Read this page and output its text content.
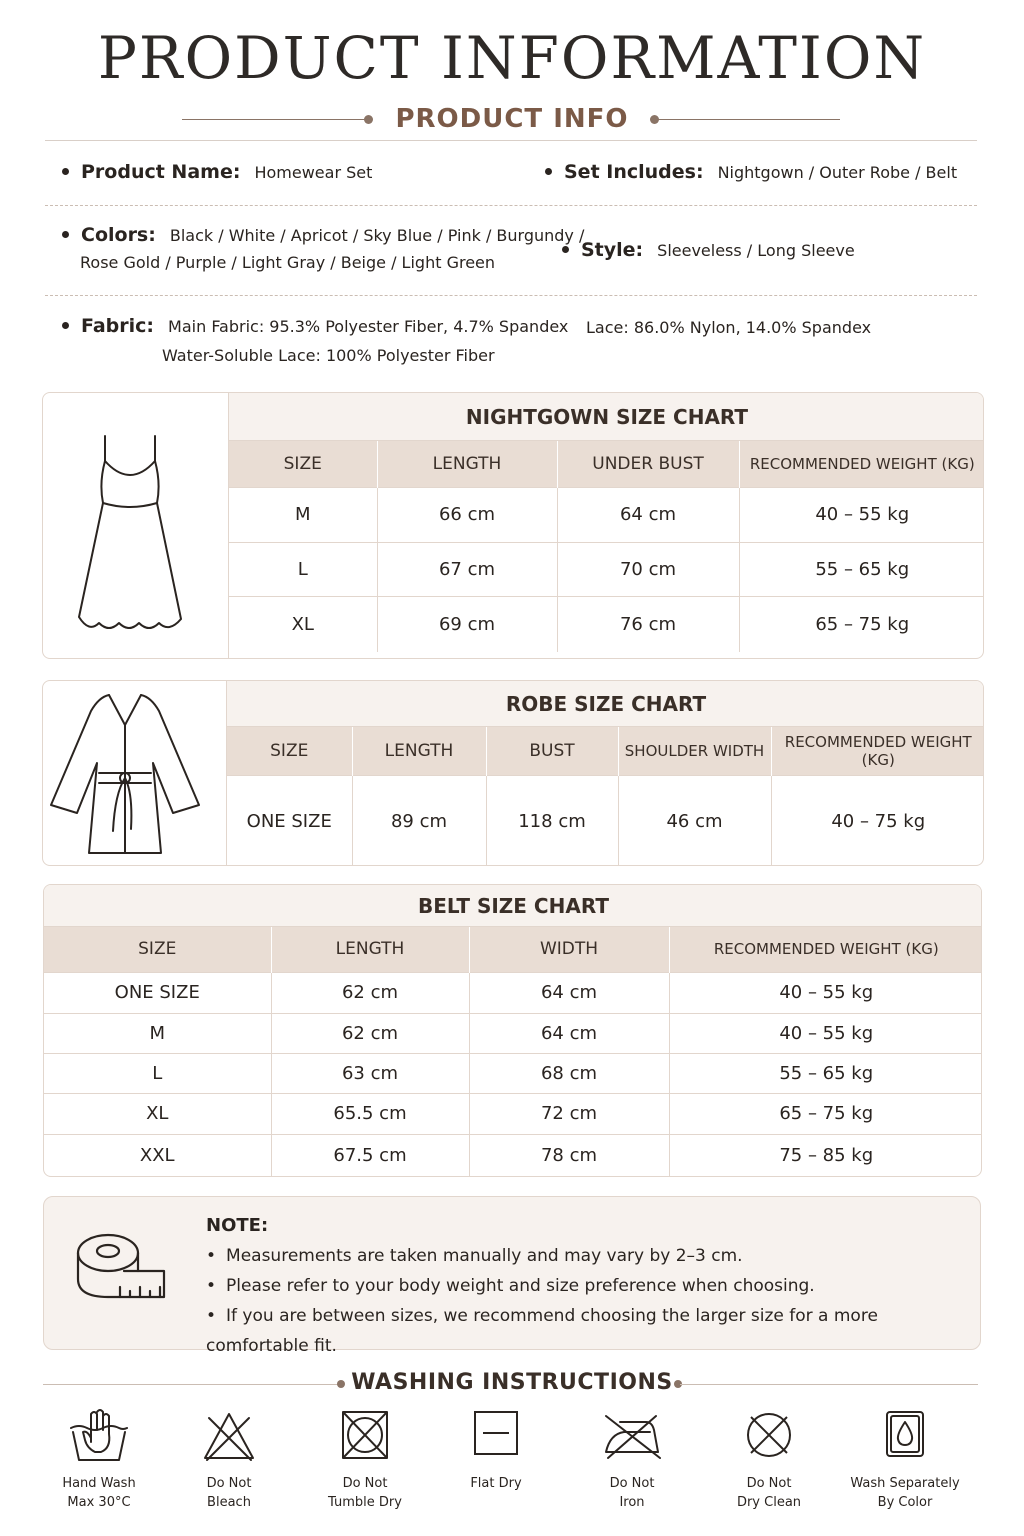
PRODUCT INFORMATION
PRODUCT INFO
Product Name: Homewear Set	Set Includes: Nightgown / Outer Robe / Belt
Colors: Black / White / Apricot / Sky Blue / Pink / Burgundy /
Rose Gold / Purple / Light Gray / Beige / Light Green
Style: Sleeveless / Long Sleeve
Fabric: Main Fabric: 95.3% Polyester Fiber, 4.7% Spandex Lace: 86.0% Nylon, 14.0% Spandex
Water-Soluble Lace: 100% Polyester Fiber
NIGHTGOWN SIZE CHART
SIZE	LENGTH	UNDER BUST	RECOMMENDED WEIGHT (KG)
M	66 cm	64 cm	40 – 55 kg
L	67 cm	70 cm	55 – 65 kg
XL	69 cm	76 cm	65 – 75 kg
ROBE SIZE CHART
SIZE	LENGTH	BUST	SHOULDER WIDTH	RECOMMENDED WEIGHT (KG)
ONE SIZE	89 cm	118 cm	46 cm	40 – 75 kg
BELT SIZE CHART
SIZE	LENGTH	WIDTH	RECOMMENDED WEIGHT (KG)
ONE SIZE	62 cm	64 cm	40 – 55 kg
M	62 cm	64 cm	40 – 55 kg
L	63 cm	68 cm	55 – 65 kg
XL	65.5 cm	72 cm	65 – 75 kg
XXL	67.5 cm	78 cm	75 – 85 kg
NOTE:
• Measurements are taken manually and may vary by 2–3 cm.
• Please refer to your body weight and size preference when choosing.
• If you are between sizes, we recommend choosing the larger size for a more comfortable fit.
WASHING INSTRUCTIONS
Hand Wash
Max 30°C
Do Not
Bleach
Do Not
Tumble Dry
Flat Dry	Do Not
Iron
Do Not
Dry Clean
Wash Separately
By Color
